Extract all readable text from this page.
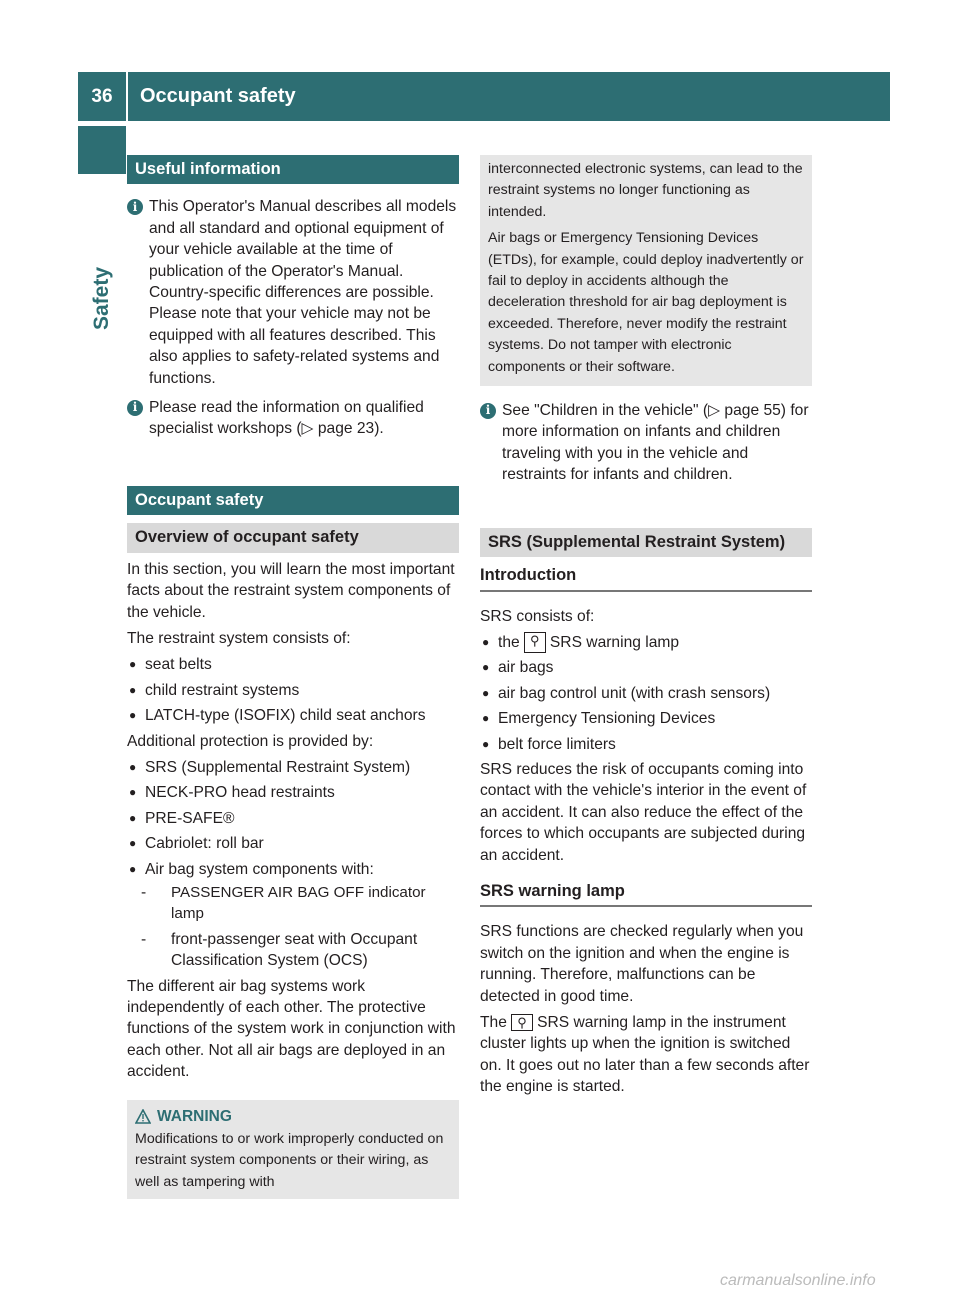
36	Occupant safety
Safety
Useful information
i This Operator's Manual describes all models and all standard and optional equipment of your vehicle available at the time of publication of the Operator's Manual. Country-specific differences are possible. Please note that your vehicle may not be equipped with all features described. This also applies to safety-related systems and functions.
i Please read the information on qualified specialist workshops (▷ page 23).
Occupant safety
Overview of occupant safety

In this section, you will learn the most important facts about the restraint system components of the vehicle.

The restraint system consists of:

● seat belts
● child restraint systems
● LATCH-type (ISOFIX) child seat anchors

Additional protection is provided by:

● SRS (Supplemental Restraint System)
● NECK-PRO head restraints
● PRE-SAFE®
● Cabriolet: roll bar
● Air bag system components with:
-	PASSENGER AIR BAG OFF indicator lamp
-	front-passenger seat with Occupant Classification System (OCS)

The different air bag systems work independently of each other. The protective functions of the system work in conjunction with each other. Not all air bags are deployed in an accident.

WARNING
Modifications to or work improperly conducted on restraint system components or their wiring, as well as tampering with

interconnected electronic systems, can lead to the restraint systems no longer functioning as intended.

Air bags or Emergency Tensioning Devices (ETDs), for example, could deploy inadvertently or fail to deploy in accidents although the deceleration threshold for air bag deployment is exceeded. Therefore, never modify the restraint systems. Do not tamper with electronic components or their software.

i See "Children in the vehicle" (▷ page 55) for more information on infants and children traveling with you in the vehicle and restraints for infants and children.
SRS (Supplemental Restraint System)
Introduction

SRS consists of:

● the
⚲
SRS warning lamp
● air bags
● air bag control unit (with crash sensors)
● Emergency Tensioning Devices
● belt force limiters

SRS reduces the risk of occupants coming into contact with the vehicle's interior in the event of an accident. It can also reduce the effect of the forces to which occupants are subjected during an accident.

SRS warning lamp

SRS functions are checked regularly when you switch on the ignition and when the engine is running. Therefore, malfunctions can be detected in good time.

The ⚲ SRS warning lamp in the instrument cluster lights up when the ignition is switched on. It goes out no later than a few seconds after the engine is started.

carmanualsonline.info
